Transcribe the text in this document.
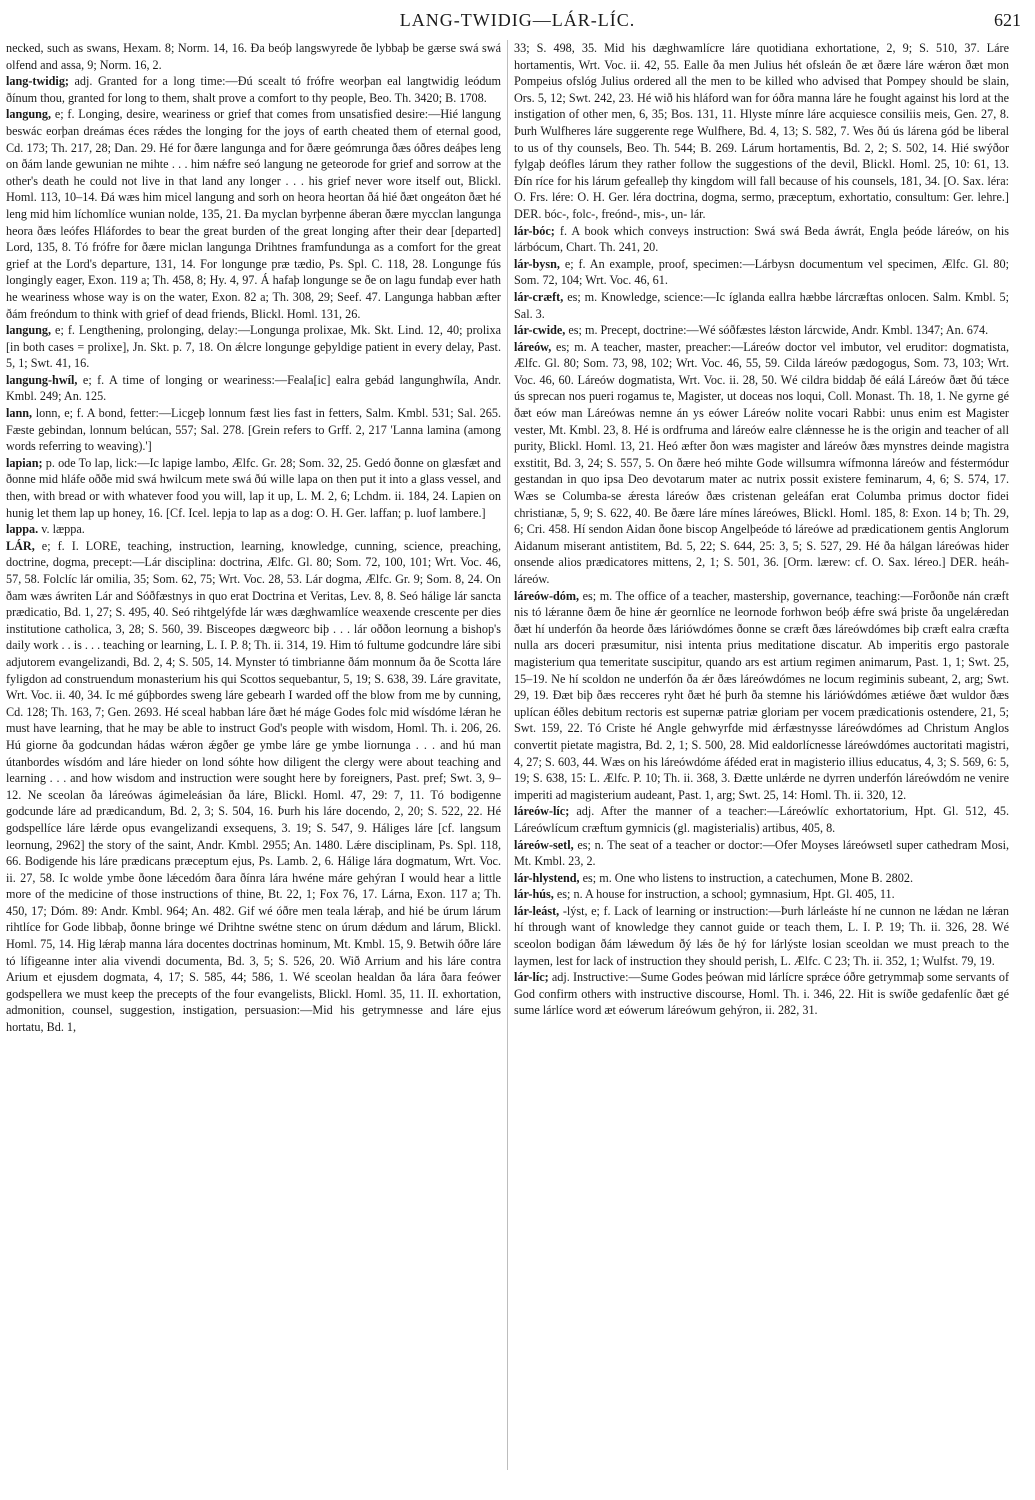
LANG-TWIDIG—LÁR-LÍC.	621

necked, such as swans, Hexam. 8; Norm. 14, 16. Ða beóþ langswyrede ðe lybbaþ be gærse swá swá olfend and assa, 9; Norm. 16, 2.

lang-twidig; adj. Granted for a long time:—Ðú scealt tó frófre weorþan eal langtwidig leódum ðínum thou, granted for long to them, shalt prove a comfort to thy people, Beo. Th. 3420; B. 1708.

langung, e; f. Longing, desire, weariness or grief that comes from unsatisfied desire:—Hié langung beswác eorþan dreámas éces rǽdes the longing for the joys of earth cheated them of eternal good, Cd. 173; Th. 217, 28; Dan. 29. Hé for ðære langunga and for ðære geómrunga ðæs óðres deáþes leng on ðám lande gewunian ne mihte . . . him nǽfre seó langung ne geteorode for grief and sorrow at the other's death he could not live in that land any longer . . . his grief never wore itself out, Blickl. Homl. 113, 10–14. Ðá wæs him micel langung and sorh on heora heortan ðá hié ðæt ongeáton ðæt hé leng mid him líchomlíce wunian nolde, 135, 21. Ða myclan byrþenne áberan ðære mycclan langunga heora ðæs leófes Hláfordes to bear the great burden of the great longing after their dear [departed] Lord, 135, 8. Tó frófre for ðære miclan langunga Drihtnes framfundunga as a comfort for the great grief at the Lord's departure, 131, 14. For longunge præ tædio, Ps. Spl. C. 118, 28. Longunge fús longingly eager, Exon. 119 a; Th. 458, 8; Hy. 4, 97. Á hafaþ longunge se ðe on lagu fundaþ ever hath he weariness whose way is on the water, Exon. 82 a; Th. 308, 29; Seef. 47. Langunga habban æfter ðám freóndum to think with grief of dead friends, Blickl. Homl. 131, 26.

langung, e; f. Lengthening, prolonging, delay:—Longunga prolixae, Mk. Skt. Lind. 12, 40; prolixa [in both cases = prolixe], Jn. Skt. p. 7, 18. On ǽlcre longunge geþyldige patient in every delay, Past. 5, 1; Swt. 41, 16.

langung-hwíl, e; f. A time of longing or weariness:—Feala[ic] ealra gebád langunghwíla, Andr. Kmbl. 249; An. 125.

lann, lonn, e; f. A bond, fetter:—Licgeþ lonnum fæst lies fast in fetters, Salm. Kmbl. 531; Sal. 265. Fæste gebindan, lonnum belúcan, 557; Sal. 278. [Grein refers to Grff. 2, 217 'Lanna lamina (among words referring to weaving).']

lapian; p. ode To lap, lick:—Ic lapige lambo, Ælfc. Gr. 28; Som. 32, 25. Gedó ðonne on glæsfæt and ðonne mid hláfe oððe mid swá hwilcum mete swá ðú wille lapa on then put it into a glass vessel, and then, with bread or with whatever food you will, lap it up, L. M. 2, 6; Lchdm. ii. 184, 24. Lapien on hunig let them lap up honey, 16. [Cf. Icel. lepja to lap as a dog: O. H. Ger. laffan; p. luof lambere.]

lappa. v. læppa.

LÁR, e; f. I. LORE, teaching, instruction, learning, knowledge, cunning, science, preaching, doctrine, dogma, precept:—Lár disciplina: doctrina, Ælfc. Gl. 80; Som. 72, 100, 101; Wrt. Voc. 46, 57, 58. Folclíc lár omilia, 35; Som. 62, 75; Wrt. Voc. 28, 53. Lár dogma, Ælfc. Gr. 9; Som. 8, 24. On ðam wæs áwriten Lár and Sóðfæstnys in quo erat Doctrina et Veritas, Lev. 8, 8. Seó hálige lár sancta prædicatio, Bd. 1, 27; S. 495, 40. Seó rihtgelýfde lár wæs dæghwamlíce weaxende crescente per dies institutione catholica, 3, 28; S. 560, 39. Bisceopes dægweorc biþ . . . lár oððon leornung a bishop's daily work . . is . . . teaching or learning, L. I. P. 8; Th. ii. 314, 19. Him tó fultume godcundre láre sibi adjutorem evangelizandi, Bd. 2, 4; S. 505, 14. Mynster tó timbrianne ðám monnum ða ðe Scotta láre fyligdon ad construendum monasterium his qui Scottos sequebantur, 5, 19; S. 638, 39. Láre gravitate, Wrt. Voc. ii. 40, 34. Ic mé gúþbordes sweng láre gebearh I warded off the blow from me by cunning, Cd. 128; Th. 163, 7; Gen. 2693. Hé sceal habban láre ðæt hé máge Godes folc mid wísdóme lǽran he must have learning, that he may be able to instruct God's people with wisdom, Homl. Th. i. 206, 26. Hú giorne ða godcundan hádas wǽron ǽgðer ge ymbe láre ge ymbe liornunga . . . and hú man útanbordes wísdóm and láre hieder on lond sóhte how diligent the clergy were about teaching and learning . . . and how wisdom and instruction were sought here by foreigners, Past. pref; Swt. 3, 9–12. Ne sceolan ða láreówas ágimeleásian ða láre, Blickl. Homl. 47, 29: 7, 11. Tó bodigenne godcunde láre ad prædicandum, Bd. 2, 3; S. 504, 16. Þurh his láre docendo, 2, 20; S. 522, 22. Hé godspellíce láre lǽrde opus evangelizandi exsequens, 3. 19; S. 547, 9. Háliges láre [cf. langsum leornung, 2962] the story of the saint, Andr. Kmbl. 2955; An. 1480. Lǽre disciplinam, Ps. Spl. 118, 66. Bodigende his láre prædicans præceptum ejus, Ps. Lamb. 2, 6. Hálige lára dogmatum, Wrt. Voc. ii. 27, 58. Ic wolde ymbe ðone lǽcedóm ðara ðínra lára hwéne máre gehýran I would hear a little more of the medicine of those instructions of thine, Bt. 22, 1; Fox 76, 17. Lárna, Exon. 117 a; Th. 450, 17; Dóm. 89: Andr. Kmbl. 964; An. 482. Gif wé óðre men teala lǽraþ, and hié be úrum lárum rihtlíce for Gode libbaþ, ðonne bringe wé Drihtne swétne stenc on úrum dǽdum and lárum, Blickl. Homl. 75, 14. Hig lǽraþ manna lára docentes doctrinas hominum, Mt. Kmbl. 15, 9. Betwih óðre láre tó lífigeanne inter alia vivendi documenta, Bd. 3, 5; S. 526, 20. Wið Arrium and his láre contra Arium et ejusdem dogmata, 4, 17; S. 585, 44; 586, 1. Wé sceolan healdan ða lára ðara feówer godspellera we must keep the precepts of the four evangelists, Blickl. Homl. 35, 11. II. exhortation, admonition, counsel, suggestion, instigation, persuasion:—Mid his getrymnesse and láre ejus hortatu, Bd. 1,

33; S. 498, 35. Mid his dæghwamlícre láre quotidiana exhortatione, 2, 9; S. 510, 37. Láre hortamentis, Wrt. Voc. ii. 42, 55. Ealle ða men Julius hét ofsleán ðe æt ðære láre wǽron ðæt mon Pompeius ofslóg Julius ordered all the men to be killed who advised that Pompey should be slain, Ors. 5, 12; Swt. 242, 23. Hé wið his hláford wan for óðra manna láre he fought against his lord at the instigation of other men, 6, 35; Bos. 131, 11. Hlyste mínre láre acquiesce consiliis meis, Gen. 27, 8. Þurh Wulfheres láre suggerente rege Wulfhere, Bd. 4, 13; S. 582, 7. Wes ðú ús lárena gód be liberal to us of thy counsels, Beo. Th. 544; B. 269. Lárum hortamentis, Bd. 2, 2; S. 502, 14. Hié swýðor fylgaþ deófles lárum they rather follow the suggestions of the devil, Blickl. Homl. 25, 10: 61, 13. Ðín ríce for his lárum gefealleþ thy kingdom will fall because of his counsels, 181, 34. [O. Sax. léra: O. Frs. lére: O. H. Ger. léra doctrina, dogma, sermo, præceptum, exhortatio, consultum: Ger. lehre.] DER. bóc-, folc-, freónd-, mis-, un- lár.

lár-bóc; f. A book which conveys instruction: Swá swá Beda áwrát, Engla þeóde láreów, on his lárbócum, Chart. Th. 241, 20.

lár-bysn, e; f. An example, proof, specimen:—Lárbysn documentum vel specimen, Ælfc. Gl. 80; Som. 72, 104; Wrt. Voc. 46, 61.

lár-cræft, es; m. Knowledge, science:—Ic íglanda eallra hæbbe lárcræftas onlocen. Salm. Kmbl. 5; Sal. 3.

lár-cwide, es; m. Precept, doctrine:—Wé sóðfæstes lǽston lárcwide, Andr. Kmbl. 1347; An. 674.

láreów, es; m. A teacher, master, preacher:—Láreów doctor vel imbutor, vel eruditor: dogmatista, Ælfc. Gl. 80; Som. 73, 98, 102; Wrt. Voc. 46, 55, 59. Cilda láreów pædogogus, Som. 73, 103; Wrt. Voc. 46, 60. Láreów dogmatista, Wrt. Voc. ii. 28, 50. Wé cildra biddaþ ðé eálá Láreów ðæt ðú tǽce ús sprecan nos pueri rogamus te, Magister, ut doceas nos loqui, Coll. Monast. Th. 18, 1. Ne gyrne gé ðæt eów man Láreówas nemne án ys eówer Láreów nolite vocari Rabbi: unus enim est Magister vester, Mt. Kmbl. 23, 8. Hé is ordfruma and láreów ealre clǽnnesse he is the origin and teacher of all purity, Blickl. Homl. 13, 21. Heó æfter ðon wæs magister and láreów ðæs mynstres deinde magistra exstitit, Bd. 3, 24; S. 557, 5. On ðære heó mihte Gode willsumra wífmonna láreów and féstermódur gestandan in quo ipsa Deo devotarum mater ac nutrix possit existere feminarum, 4, 6; S. 574, 17. Wæs se Columba-se ǽresta láreów ðæs cristenan geleáfan erat Columba primus doctor fidei christianæ, 5, 9; S. 622, 40. Be ðære láre mínes láreówes, Blickl. Homl. 185, 8: Exon. 14 b; Th. 29, 6; Cri. 458. Hí sendon Aidan ðone biscop Angelþeóde tó láreówe ad prædicationem gentis Anglorum Aidanum miserant antistitem, Bd. 5, 22; S. 644, 25: 3, 5; S. 527, 29. Hé ða hálgan láreówas hider onsende alios prædicatores mittens, 2, 1; S. 501, 36. [Orm. lærew: cf. O. Sax. léreo.] DER. heáh-láreów.

láreów-dóm, es; m. The office of a teacher, mastership, governance, teaching:—Forðonðe nán cræft nis tó lǽranne ðæm ðe hine ǽr geornlíce ne leornode forhwon beóþ ǽfre swá þriste ða ungelǽredan ðæt hí underfón ða heorde ðæs láriówdómes ðonne se cræft ðæs láreówdómes biþ cræft ealra cræfta nulla ars doceri præsumitur, nisi intenta prius meditatione discatur. Ab imperitis ergo pastorale magisterium qua temeritate suscipitur, quando ars est artium regimen animarum, Past. 1, 1; Swt. 25, 15–19. Ne hí scoldon ne underfón ða ǽr ðæs láreówdómes ne locum regiminis subeant, 2, arg; Swt. 29, 19. Ðæt biþ ðæs recceres ryht ðæt hé þurh ða stemne his lárióẃdómes ætiéwe ðæt wuldor ðæs uplícan éðles debitum rectoris est supernæ patriæ gloriam per vocem prædicationis ostendere, 21, 5; Swt. 159, 22. Tó Criste hé Angle gehwyrfde mid ǽrfæstnysse láreówdómes ad Christum Anglos convertit pietate magistra, Bd. 2, 1; S. 500, 28. Mid ealdorlícnesse láreówdómes auctoritati magistri, 4, 27; S. 603, 44. Wæs on his láreówdóme áféded erat in magisterio illius educatus, 4, 3; S. 569, 6: 5, 19; S. 638, 15: L. Ælfc. P. 10; Th. ii. 368, 3. Ðætte unlǽrde ne dyrren underfón láreówdóm ne venire imperiti ad magisterium audeant, Past. 1, arg; Swt. 25, 14: Homl. Th. ii. 320, 12.

láreów-líc; adj. After the manner of a teacher:—Láreówlíc exhortatorium, Hpt. Gl. 512, 45. Láreówlícum cræftum gymnicis (gl. magisterialis) artibus, 405, 8.

láreów-setl, es; n. The seat of a teacher or doctor:—Ofer Moyses láreówsetl super cathedram Mosi, Mt. Kmbl. 23, 2.

lár-hlystend, es; m. One who listens to instruction, a catechumen, Mone B. 2802.

lár-hús, es; n. A house for instruction, a school; gymnasium, Hpt. Gl. 405, 11.

lár-leást, -lýst, e; f. Lack of learning or instruction:—Þurh lárleáste hí ne cunnon ne lǽdan ne lǽran hí through want of knowledge they cannot guide or teach them, L. I. P. 19; Th. ii. 326, 28. Wé sceolon bodigan ðám lǽwedum ðý lǽs ðe hý for lárlýste losian sceoldan we must preach to the laymen, lest for lack of instruction they should perish, L. Ælfc. C 23; Th. ii. 352, 1; Wulfst. 79, 19.

lár-líc; adj. Instructive:—Sume Godes þeówan mid lárlícre sprǽce óðre getrymmaþ some servants of God confirm others with instructive discourse, Homl. Th. i. 346, 22. Hit is swíðe gedafenlíc ðæt gé sume lárlíce word æt eówerum láreówum gehýron, ii. 282, 31.
